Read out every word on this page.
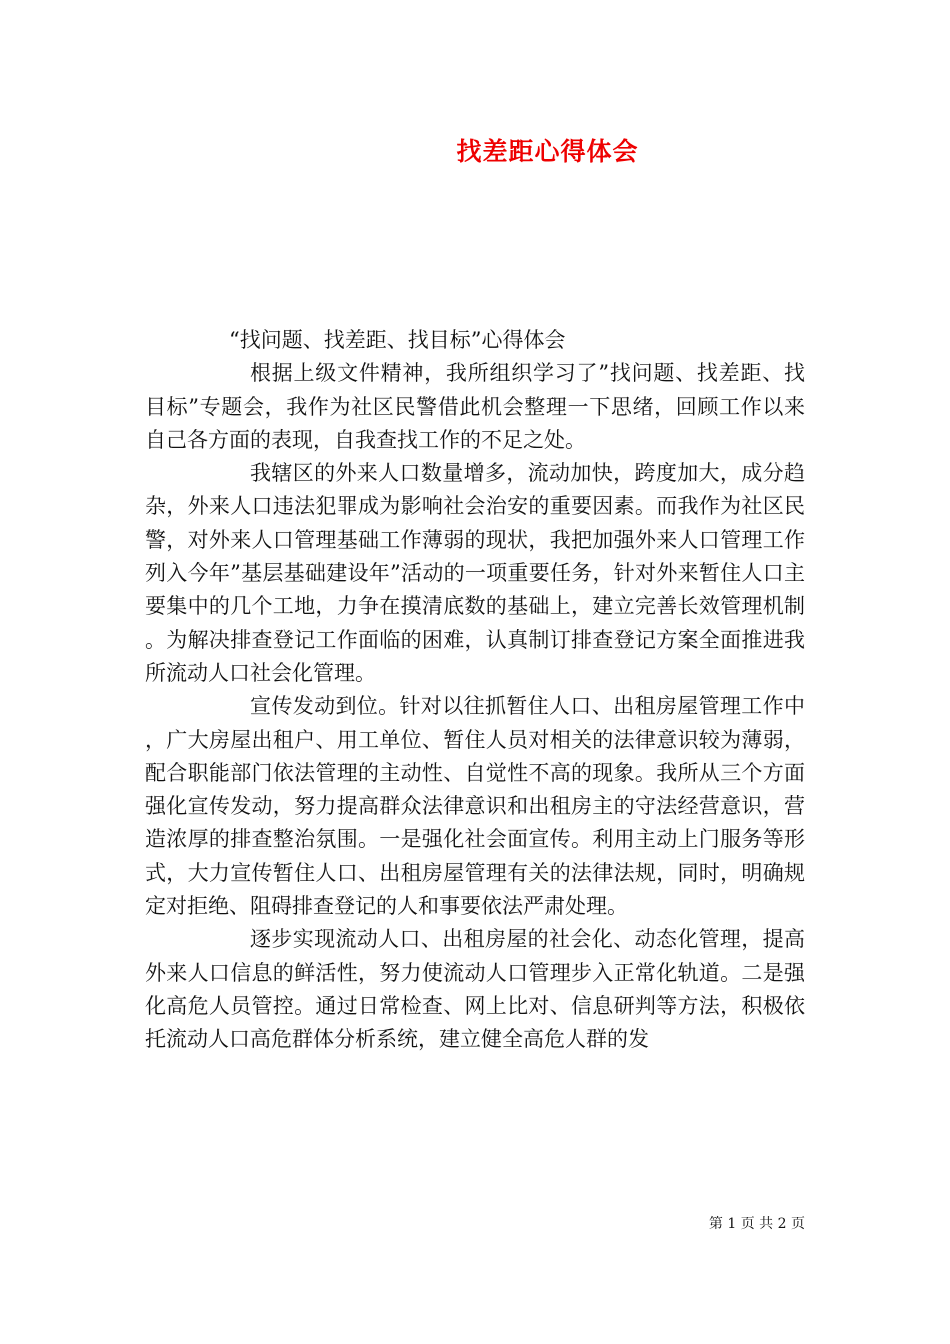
找差距心得体会

“找问题、找差距、找目标”心得体会

根据上级文件精神，我所组织学习了”找问题、找差距、找目标”专题会，我作为社区民警借此机会整理一下思绪，回顾工作以来自己各方面的表现，自我查找工作的不足之处。

我辖区的外来人口数量增多，流动加快，跨度加大，成分趋杂，外来人口违法犯罪成为影响社会治安的重要因素。而我作为社区民警，对外来人口管理基础工作薄弱的现状，我把加强外来人口管理工作列入今年”基层基础建设年”活动的一项重要任务，针对外来暂住人口主要集中的几个工地，力争在摸清底数的基础上，建立完善长效管理机制。为解决排查登记工作面临的困难，认真制订排查登记方案全面推进我所流动人口社会化管理。

宣传发动到位。针对以往抓暂住人口、出租房屋管理工作中，广大房屋出租户、用工单位、暂住人员对相关的法律意识较为薄弱，配合职能部门依法管理的主动性、自觉性不高的现象。我所从三个方面强化宣传发动，努力提高群众法律意识和出租房主的守法经营意识，营造浓厚的排查整治氛围。一是强化社会面宣传。利用主动上门服务等形式，大力宣传暂住人口、出租房屋管理有关的法律法规，同时，明确规定对拒绝、阻碍排查登记的人和事要依法严肃处理。

逐步实现流动人口、出租房屋的社会化、动态化管理，提高外来人口信息的鲜活性，努力使流动人口管理步入正常化轨道。二是强化高危人员管控。通过日常检查、网上比对、信息研判等方法，积极依托流动人口高危群体分析系统，建立健全高危人群的发

第 1 页 共 2 页
